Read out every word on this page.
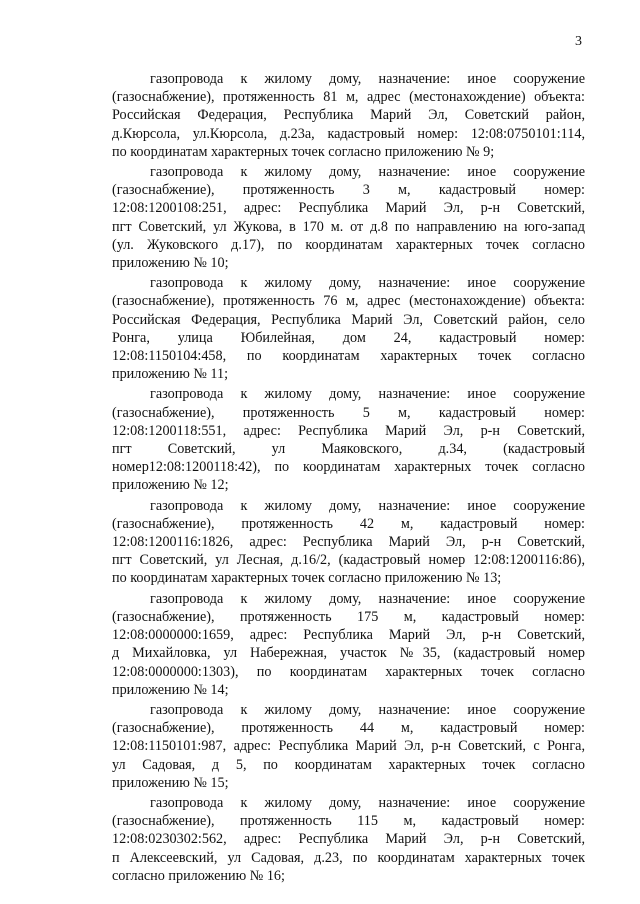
3
газопровода к жилому дому, назначение: иное сооружение
(газоснабжение), протяженность 81 м, адрес (местонахождение) объекта:
Российская Федерация, Республика Марий Эл, Советский район,
д.Кюрсола, ул.Кюрсола, д.23а, кадастровый номер: 12:08:0750101:114,
по координатам характерных точек согласно приложению № 9;
газопровода к жилому дому, назначение: иное сооружение
(газоснабжение), протяженность 3 м, кадастровый номер:
12:08:1200108:251, адрес: Республика Марий Эл, р-н Советский,
пгт Советский, ул Жукова, в 170 м. от д.8 по направлению на юго-запад
(ул. Жуковского д.17), по координатам характерных точек согласно
приложению № 10;
газопровода к жилому дому, назначение: иное сооружение
(газоснабжение), протяженность 76 м, адрес (местонахождение) объекта:
Российская Федерация, Республика Марий Эл, Советский район, село
Ронга, улица Юбилейная, дом 24, кадастровый номер:
12:08:1150104:458, по координатам характерных точек согласно
приложению № 11;
газопровода к жилому дому, назначение: иное сооружение
(газоснабжение), протяженность 5 м, кадастровый номер:
12:08:1200118:551, адрес: Республика Марий Эл, р-н Советский,
пгт Советский, ул Маяковского, д.34, (кадастровый
номер12:08:1200118:42), по координатам характерных точек согласно
приложению № 12;
газопровода к жилому дому, назначение: иное сооружение
(газоснабжение), протяженность 42 м, кадастровый номер:
12:08:1200116:1826, адрес: Республика Марий Эл, р-н Советский,
пгт Советский, ул Лесная, д.16/2, (кадастровый номер 12:08:1200116:86),
по координатам характерных точек согласно приложению № 13;
газопровода к жилому дому, назначение: иное сооружение
(газоснабжение), протяженность 175 м, кадастровый номер:
12:08:0000000:1659, адрес: Республика Марий Эл, р-н Советский,
д Михайловка, ул Набережная, участок №35, (кадастровый номер
12:08:0000000:1303), по координатам характерных точек согласно
приложению № 14;
газопровода к жилому дому, назначение: иное сооружение
(газоснабжение), протяженность 44 м, кадастровый номер:
12:08:1150101:987, адрес: Республика Марий Эл, р-н Советский, с Ронга,
ул Садовая, д 5, по координатам характерных точек согласно
приложению № 15;
газопровода к жилому дому, назначение: иное сооружение
(газоснабжение), протяженность 115 м, кадастровый номер:
12:08:0230302:562, адрес: Республика Марий Эл, р-н Советский,
п Алексеевский, ул Садовая, д.23, по координатам характерных точек
согласно приложению № 16;
